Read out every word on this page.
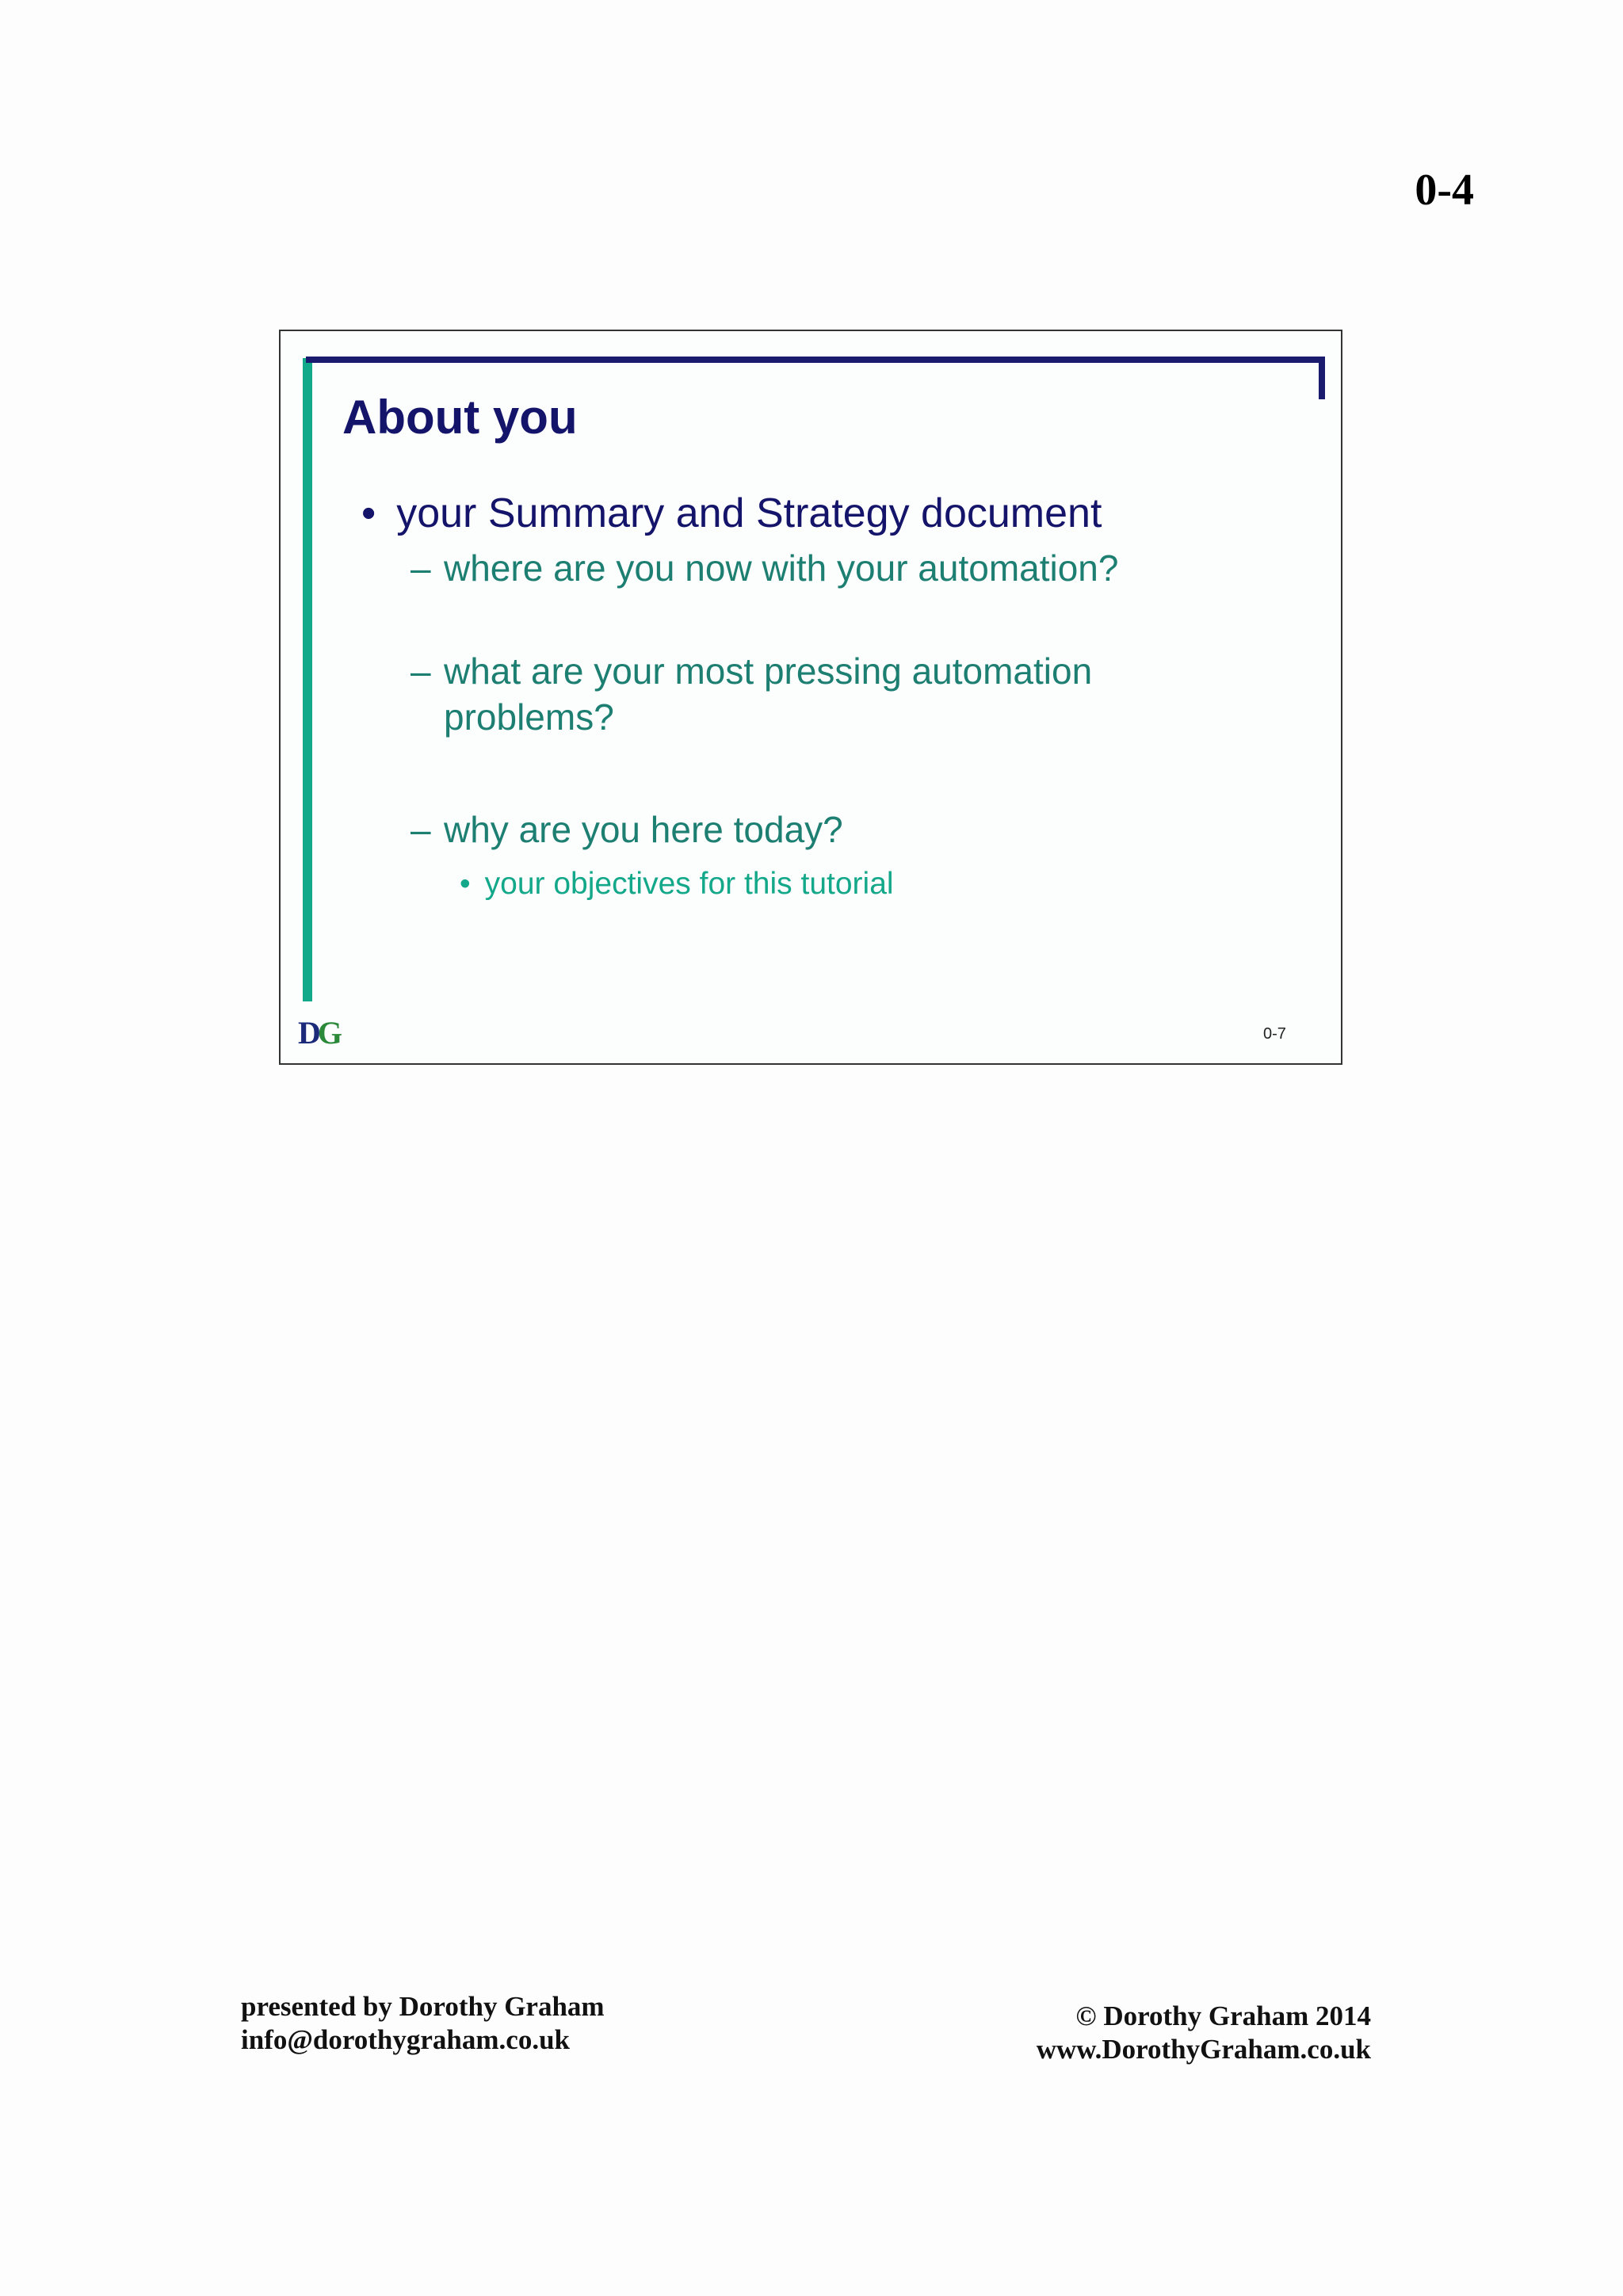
0-4
About you
• your Summary and Strategy document
– where are you now with your automation?
– what are your most pressing automation problems?
– why are you here today?
• your objectives for this tutorial
DG	0-7
presented by Dorothy Graham
info@dorothygraham.co.uk
© Dorothy Graham 2014
www.DorothyGraham.co.uk
